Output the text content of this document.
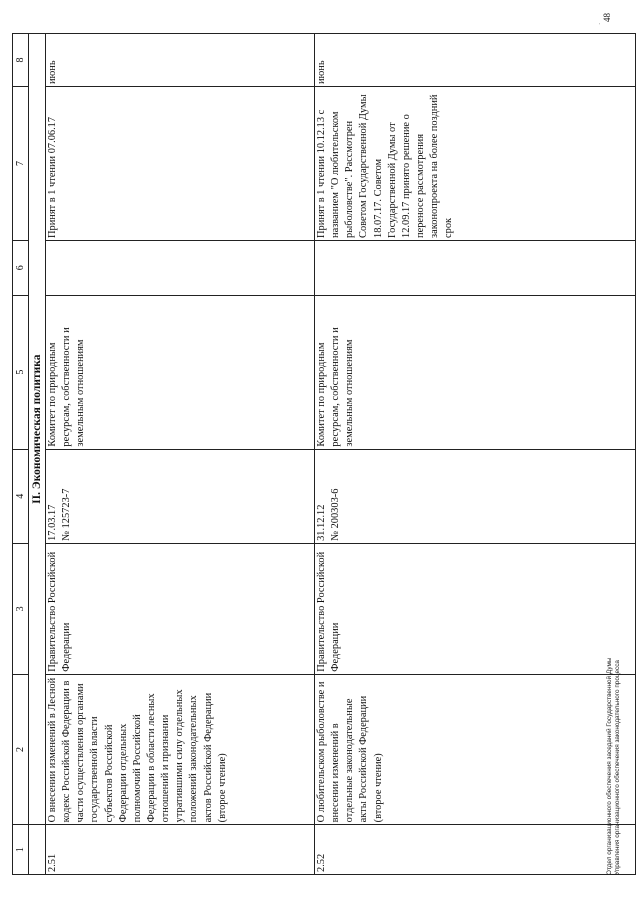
1	2	3	4	5	6	7	8
	II. Экономическая политика						
2.51	О внесении изменений в Лесной кодекс Российской Федерации в части осуществления органами государственной власти субъектов Российской Федерации отдельных полномочий Российской Федерации в области лесных отношений и признании утратившими силу отдельных положений законодательных актов Российской Федерации (второе чтение)	Правительство Российской Федерации	17.03.17 № 125723-7	Комитет по природным ресурсам, собственности и земельным отношениям		Принят в 1 чтении 07.06.17	июнь
2.52	О любительском рыболовстве и внесении изменений в отдельные законодательные акты Российской Федерации (второе чтение)	Правительство Российской Федерации	31.12.12 № 200303-6	Комитет по природным ресурсам, собственности и земельным отношениям		Принят в 1 чтении 10.12.13 с названием "О любительском рыболовстве". Рассмотрен Советом Государственной Думы 18.07.17. Советом Государственной Думы от 12.09.17 принято решение о переносе рассмотрения законопроекта на более поздний срок	июнь
Отдел организационного обеспечения заседаний Государственной Думы Управления организационного обеспечения законодательного процесса
48
·
